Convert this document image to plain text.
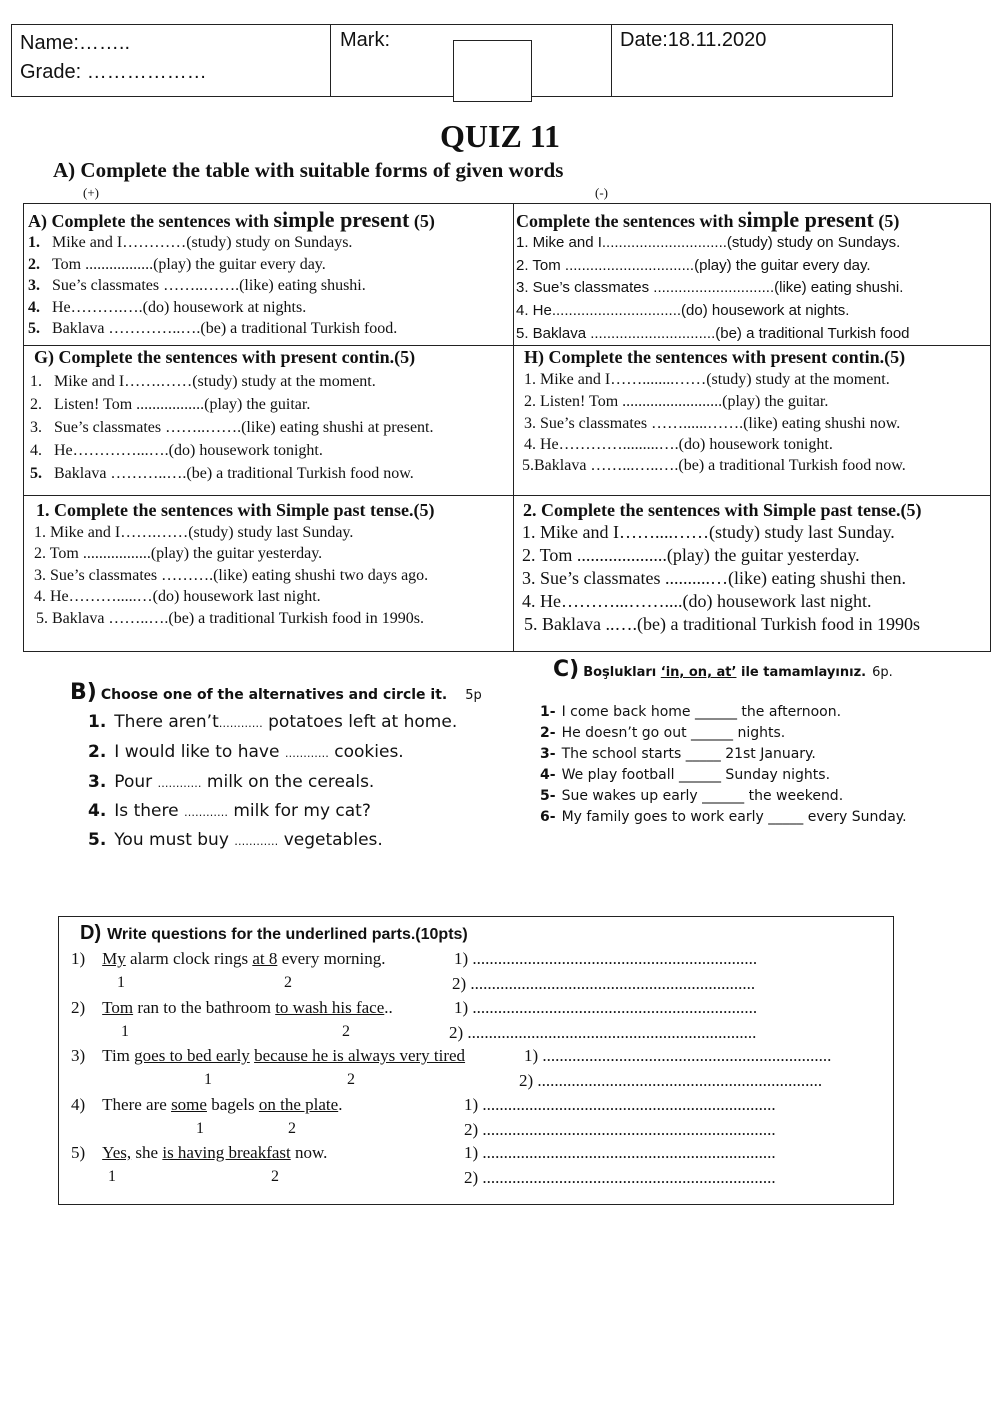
Name:……..
Grade: ………………
Mark:	Date:18.11.2020
QUIZ 11
A) Complete the table with suitable forms of given words
(+)	(-)
A) Complete the sentences with simple present (5)
1. Mike and I…………(study) study on Sundays.
2. Tom .................(play) the guitar every day.
3. Sue’s classmates ……..…….(like) eating shushi.
4. He……….….(do) housework at nights.
5. Baklava …………..….(be) a traditional Turkish food.
Complete the sentences with simple present (5)
1. Mike and I..............................(study) study on Sundays.
2. Tom ...............................(play) the guitar every day.
3. Sue’s classmates .............................(like) eating shushi.
4. He...............................(do) housework at nights.
5. Baklava ..............................(be) a traditional Turkish food
G) Complete the sentences with present contin.(5)
1. Mike and I…….……(study) study at the moment.
2. Listen! Tom .................(play) the guitar.
3. Sue’s classmates ……..…….(like) eating shushi at present.
4. He…………...….(do) housework tonight.
5. Baklava ………..….(be) a traditional Turkish food now.
H) Complete the sentences with present contin.(5)
1. Mike and I……........……(study) study at the moment.
2. Listen! Tom .........................(play) the guitar.
3. Sue’s classmates ……......…….(like) eating shushi now.
4. He………….........….(do) housework tonight.
5.Baklava ……...…..….(be) a traditional Turkish food now.
1. Complete the sentences with Simple past tense.(5)
1. Mike and I…….……(study) study last Sunday.
2. Tom .................(play) the guitar yesterday.
3. Sue’s classmates ……….(like) eating shushi two days ago.
4. He……….....…(do) housework last night.
5. Baklava ……..….(be) a traditional Turkish food in 1990s.
2. Complete the sentences with Simple past tense.(5)
1. Mike and I……....……(study) study last Sunday.
2. Tom ....................(play) the guitar yesterday.
3. Sue’s classmates ..........…(like) eating shushi then.
4. He………...……....(do) housework last night.
5. Baklava ..….(be) a traditional Turkish food in 1990s
B) Choose one of the alternatives and circle it. 5p
1. There aren’t………… potatoes left at home.
2. I would like to have ………… cookies.
3. Pour ………… milk on the cereals.
4. Is there ………… milk for my cat?
5. You must buy ………… vegetables.
C) Boşlukları ‘in, on, at’ ile tamamlayınız. 6p.
1- I come back home ______ the afternoon.
2- He doesn’t go out ______ nights.
3- The school starts _____ 21st January.
4- We play football ______ Sunday nights.
5- Sue wakes up early ______ the weekend.
6- My family goes to work early _____ every Sunday.
D) Write questions for the underlined parts.(10pts)
1) My alarm clock rings at 8 every morning.	1) ...................................................................
1	2	2) ...................................................................
2) Tom ran to the bathroom to wash his face..	1) ...................................................................
1	2	2) ....................................................................
3) Tim goes to bed early because he is always very tired	1) ....................................................................
1	2	2) ...................................................................
4) There are some bagels on the plate.	1) .....................................................................
1	2	2) .....................................................................
5) Yes, she is having breakfast now.	1) .....................................................................
1	2	2) .....................................................................
